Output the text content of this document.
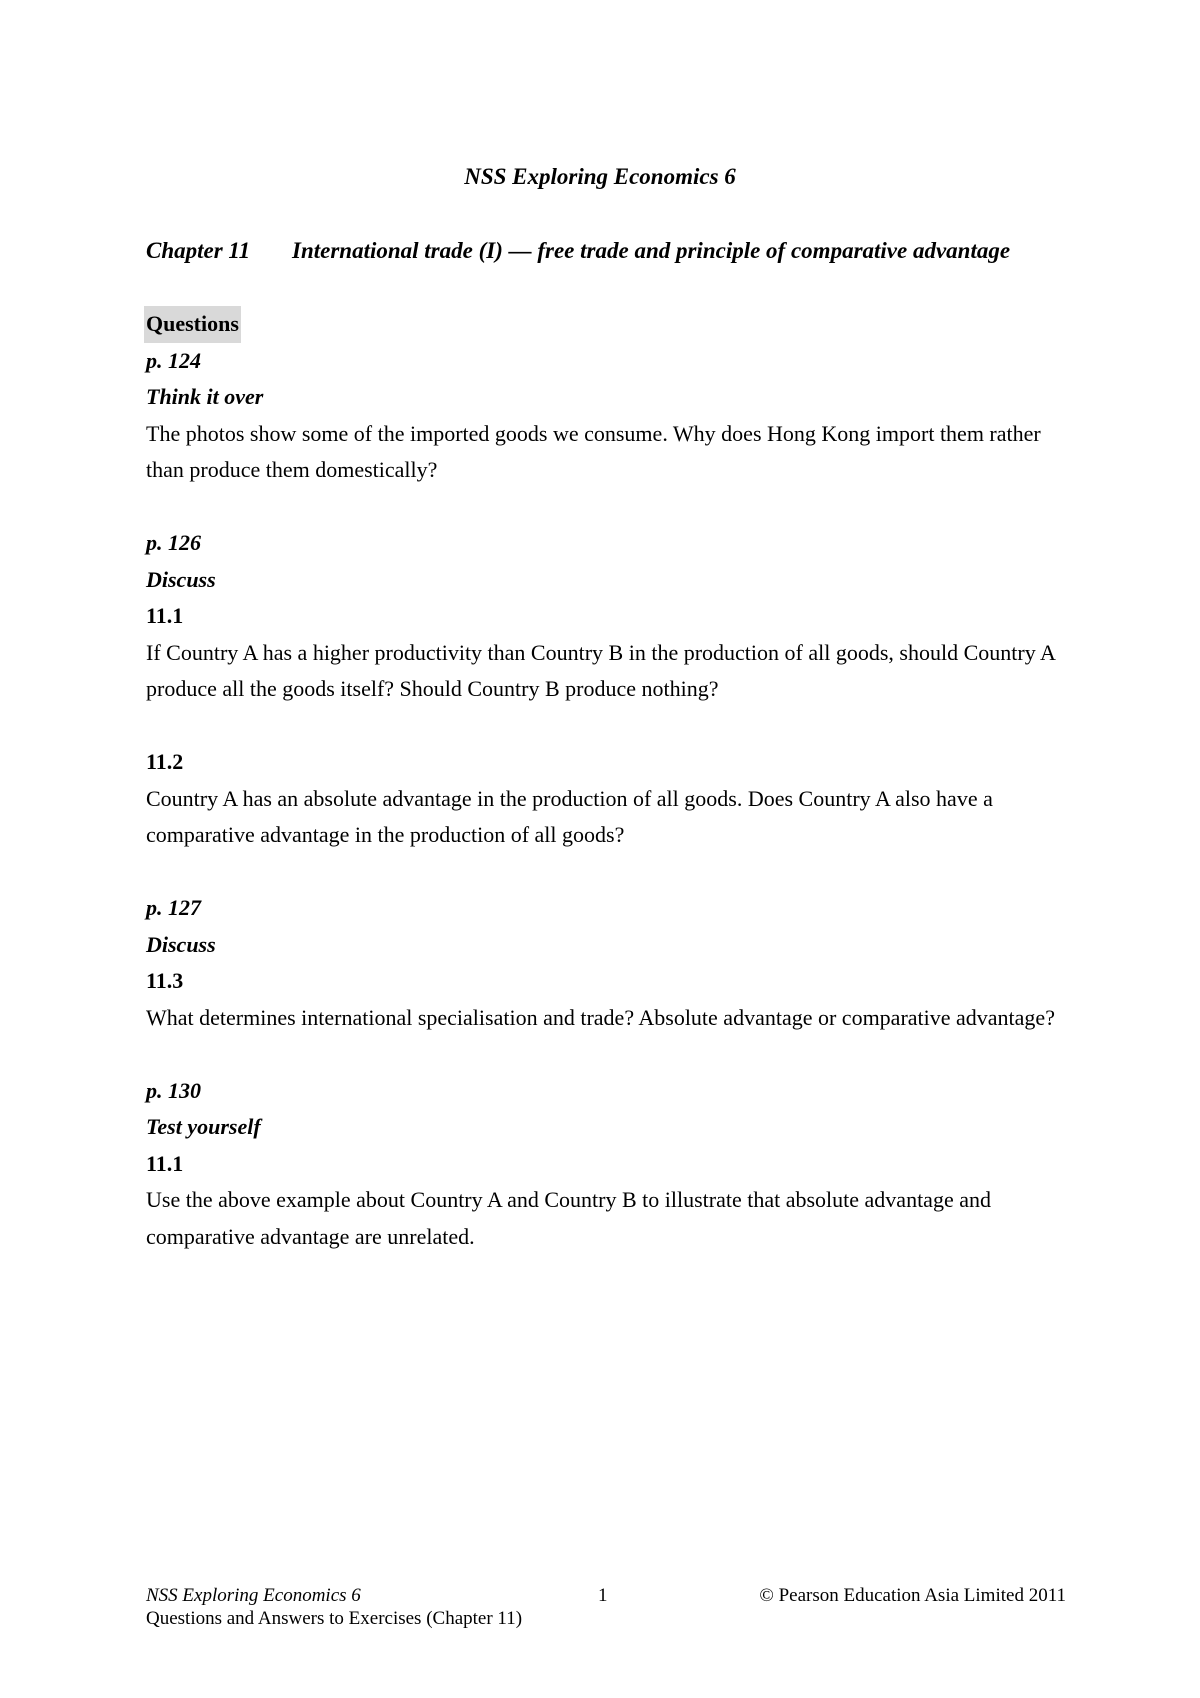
NSS Exploring Economics 6
Chapter 11 International trade (I) — free trade and principle of comparative advantage

Questions

p. 124

Think it over

The photos show some of the imported goods we consume. Why does Hong Kong import them rather than produce them domestically?

p. 126

Discuss

11.1

If Country A has a higher productivity than Country B in the production of all goods, should Country A produce all the goods itself? Should Country B produce nothing?

11.2

Country A has an absolute advantage in the production of all goods. Does Country A also have a comparative advantage in the production of all goods?

p. 127

Discuss

11.3

What determines international specialisation and trade? Absolute advantage or comparative advantage?

p. 130

Test yourself

11.1

Use the above example about Country A and Country B to illustrate that absolute advantage and comparative advantage are unrelated.

NSS Exploring Economics 6
Questions and Answers to Exercises (Chapter 11)
1	© Pearson Education Asia Limited 2011
